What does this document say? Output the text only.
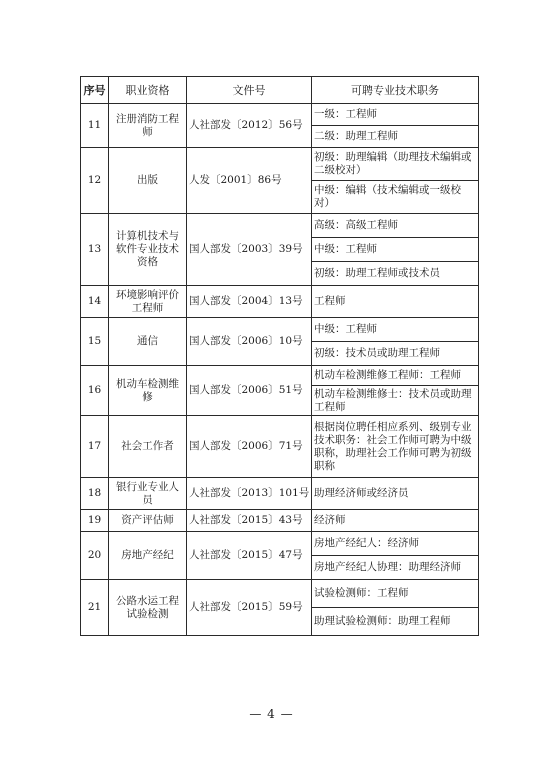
序号	职业资格	文件号	可聘专业技术职务
11	注册消防工程师	人社部发〔2012〕56号	一级：工程师
			二级：助理工程师
12	出版	人发〔2001〕86号	初级：助理编辑（助理技术编辑或二级校对）
			中级：编辑（技术编辑或一级校对）
13	计算机技术与软件专业技术资格	国人部发〔2003〕39号	高级：高级工程师
			中级：工程师
			初级：助理工程师或技术员
14	环境影响评价工程师	国人部发〔2004〕13号	工程师
15	通信	国人部发〔2006〕10号	中级：工程师
			初级：技术员或助理工程师
16	机动车检测维修	国人部发〔2006〕51号	机动车检测维修工程师：工程师
			机动车检测维修士：技术员或助理工程师
17	社会工作者	国人部发〔2006〕71号	根据岗位聘任相应系列、级别专业技术职务：社会工作师可聘为中级职称，助理社会工作师可聘为初级职称
18	银行业专业人员	人社部发〔2013〕101号	助理经济师或经济员
19	资产评估师	人社部发〔2015〕43号	经济师
20	房地产经纪	人社部发〔2015〕47号	房地产经纪人：经济师
			房地产经纪人协理：助理经济师
21	公路水运工程试验检测	人社部发〔2015〕59号	试验检测师：工程师
			助理试验检测师：助理工程师
— 4 —
